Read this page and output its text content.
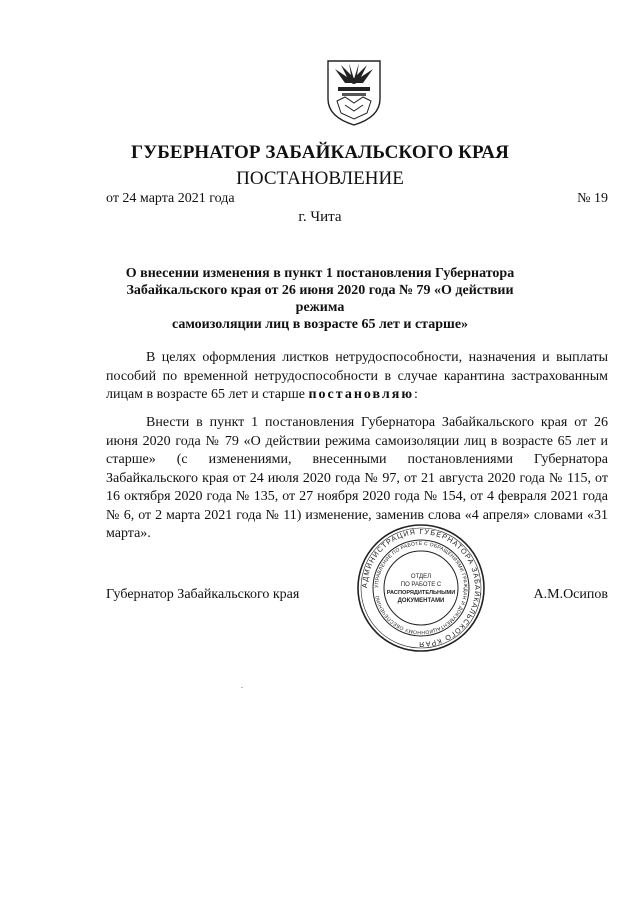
ГУБЕРНАТОР ЗАБАЙКАЛЬСКОГО КРАЯ
ПОСТАНОВЛЕНИЕ
от 24 марта 2021 года	№ 19
г. Чита
О внесении изменения в пункт 1 постановления Губернатора
Забайкальского края от 26 июня 2020 года № 79 «О действии режима
самоизоляции лиц в возрасте 65 лет и старше»
В целях оформления листков нетрудоспособности, назначения и выплаты пособий по временной нетрудоспособности в случае карантина застрахованным лицам в возрасте 65 лет и старше постановляю:
Внести в пункт 1 постановления Губернатора Забайкальского края от 26 июня 2020 года № 79 «О действии режима самоизоляции лиц в возрасте 65 лет и старше» (с изменениями, внесенными постановлениями Губернатора Забайкальского края от 24 июля 2020 года № 97, от 21 августа 2020 года № 115, от 16 октября 2020 года № 135, от 27 ноября 2020 года № 154, от 4 февраля 2021 года № 6, от 2 марта 2021 года № 11) изменение, заменив слова «4 апреля» словами «31 марта».
Губернатор Забайкальского края	А.М.Осипов
АДМИНИСТРАЦИЯ ГУБЕРНАТОРА ЗАБАЙКАЛЬСКОГО КРАЯ
УПРАВЛЕНИЕ ПО РАБОТЕ С ОБРАЩЕНИЯМИ ГРАЖДАН И ДОКУМЕНТАЦИОННОМУ ОБЕСПЕЧЕНИЮ
ОТДЕЛ
ПО РАБОТЕ С
РАСПОРЯДИТЕЛЬНЫМИ
ДОКУМЕНТАМИ
